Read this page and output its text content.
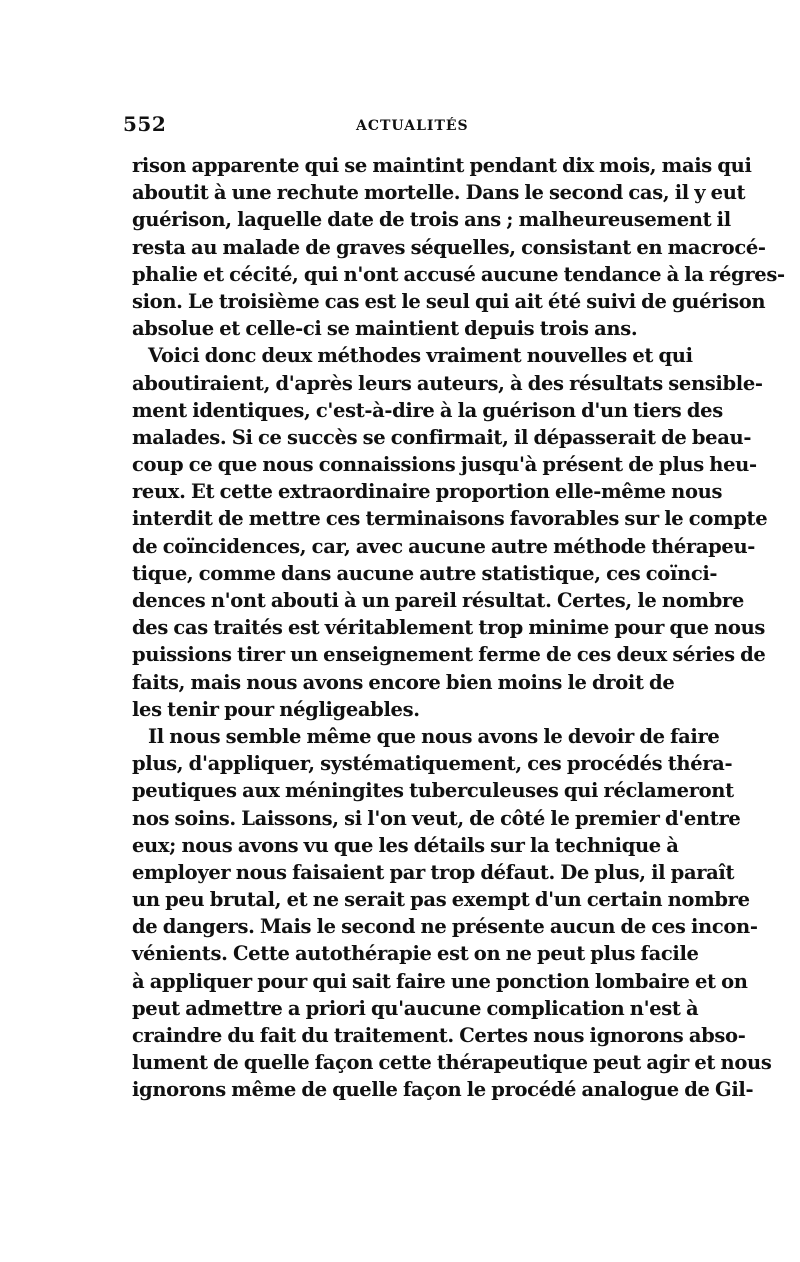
552	ACTUALITÉS
rison apparente qui se maintint pendant dix mois, mais qui
aboutit à une rechute mortelle. Dans le second cas, il y eut
guérison, laquelle date de trois ans ; malheureusement il
resta au malade de graves séquelles, consistant en macrocé-
phalie et cécité, qui n'ont accusé aucune tendance à la régres-
sion. Le troisième cas est le seul qui ait été suivi de guérison
absolue et celle-ci se maintient depuis trois ans.
Voici donc deux méthodes vraiment nouvelles et qui
aboutiraient, d'après leurs auteurs, à des résultats sensible-
ment identiques, c'est-à-dire à la guérison d'un tiers des
malades. Si ce succès se confirmait, il dépasserait de beau-
coup ce que nous connaissions jusqu'à présent de plus heu-
reux. Et cette extraordinaire proportion elle-même nous
interdit de mettre ces terminaisons favorables sur le compte
de coïncidences, car, avec aucune autre méthode thérapeu-
tique, comme dans aucune autre statistique, ces coïnci-
dences n'ont abouti à un pareil résultat. Certes, le nombre
des cas traités est véritablement trop minime pour que nous
puissions tirer un enseignement ferme de ces deux séries de
faits, mais nous avons encore bien moins le droit de
les tenir pour négligeables.
Il nous semble même que nous avons le devoir de faire
plus, d'appliquer, systématiquement, ces procédés théra-
peutiques aux méningites tuberculeuses qui réclameront
nos soins. Laissons, si l'on veut, de côté le premier d'entre
eux; nous avons vu que les détails sur la technique à
employer nous faisaient par trop défaut. De plus, il paraît
un peu brutal, et ne serait pas exempt d'un certain nombre
de dangers. Mais le second ne présente aucun de ces incon-
vénients. Cette autothérapie est on ne peut plus facile
à appliquer pour qui sait faire une ponction lombaire et on
peut admettre a priori qu'aucune complication n'est à
craindre du fait du traitement. Certes nous ignorons abso-
lument de quelle façon cette thérapeutique peut agir et nous
ignorons même de quelle façon le procédé analogue de Gil-
